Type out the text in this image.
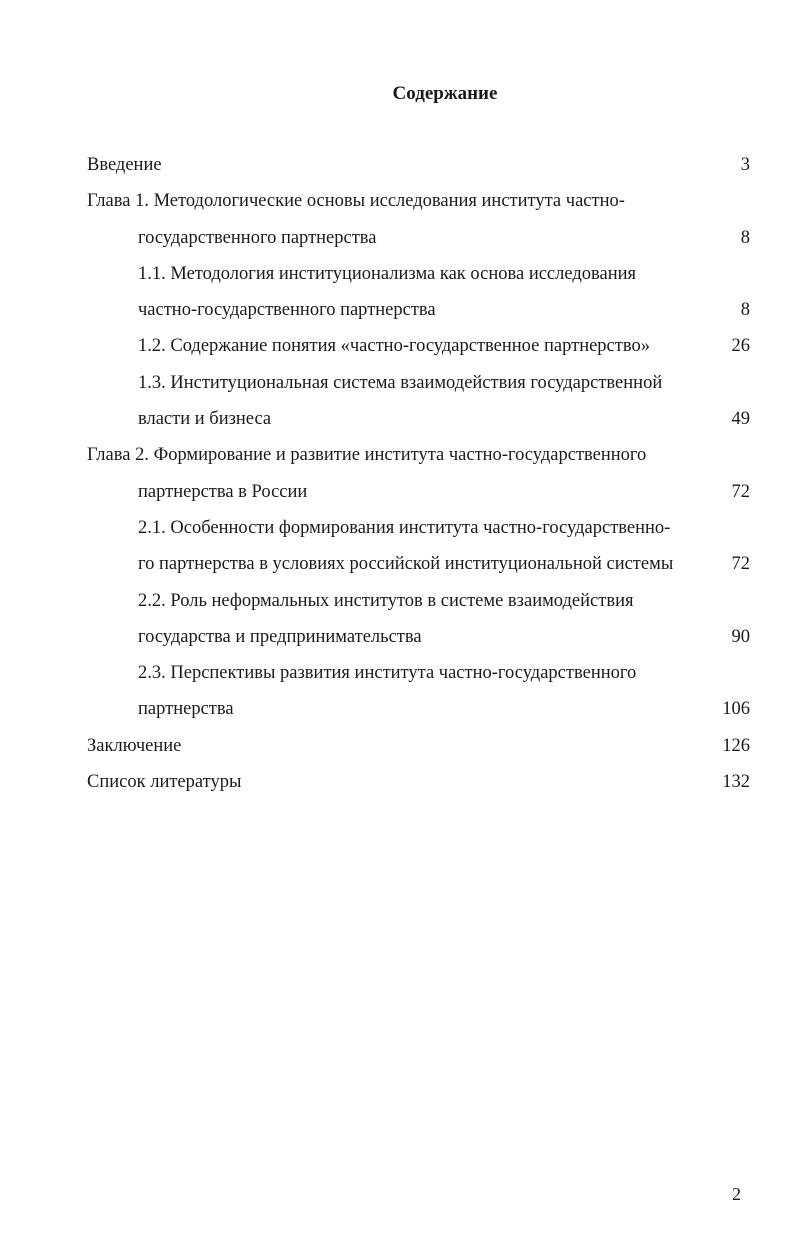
Содержание
Введение	3
Глава 1. Методологические основы исследования института частно-
государственного партнерства	8
1.1. Методология институционализма как основа исследования
частно-государственного партнерства	8
1.2. Содержание понятия «частно-государственное партнерство»	26
1.3. Институциональная система взаимодействия государственной
власти и бизнеса	49
Глава 2. Формирование и развитие института частно-государственного
партнерства в России	72
2.1. Особенности формирования института частно-государственно-
го партнерства в условиях российской институциональной системы	72
2.2. Роль неформальных институтов в системе взаимодействия
государства и предпринимательства	90
2.3. Перспективы развития института частно-государственного
партнерства	106
Заключение	126
Список литературы	132
2
